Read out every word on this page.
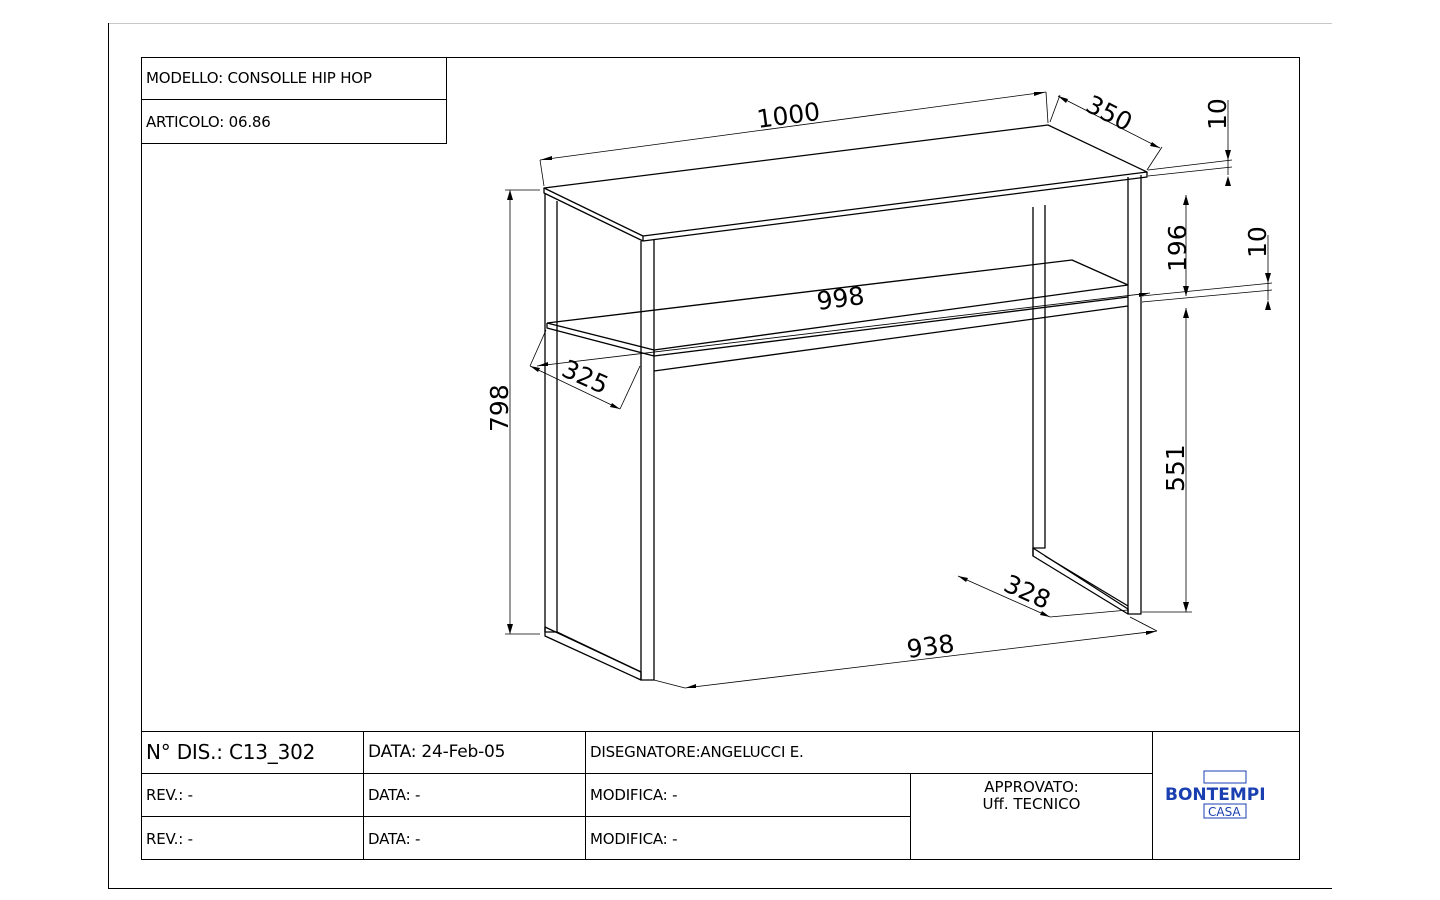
MODELLO: CONSOLLE HIP HOP
ARTICOLO: 06.86	1000	350	10
196 10
998
325
798
551
328
938
N° DIS.: C13_302	DATA: 24-Feb-05	DISEGNATORE:ANGELUCCI E.
REV.: -	DATA: -	MODIFICA: -
REV.: -	DATA: -	MODIFICA: -
APPROVATO:
Uff. TECNICO	BONTEMPI
CASA
